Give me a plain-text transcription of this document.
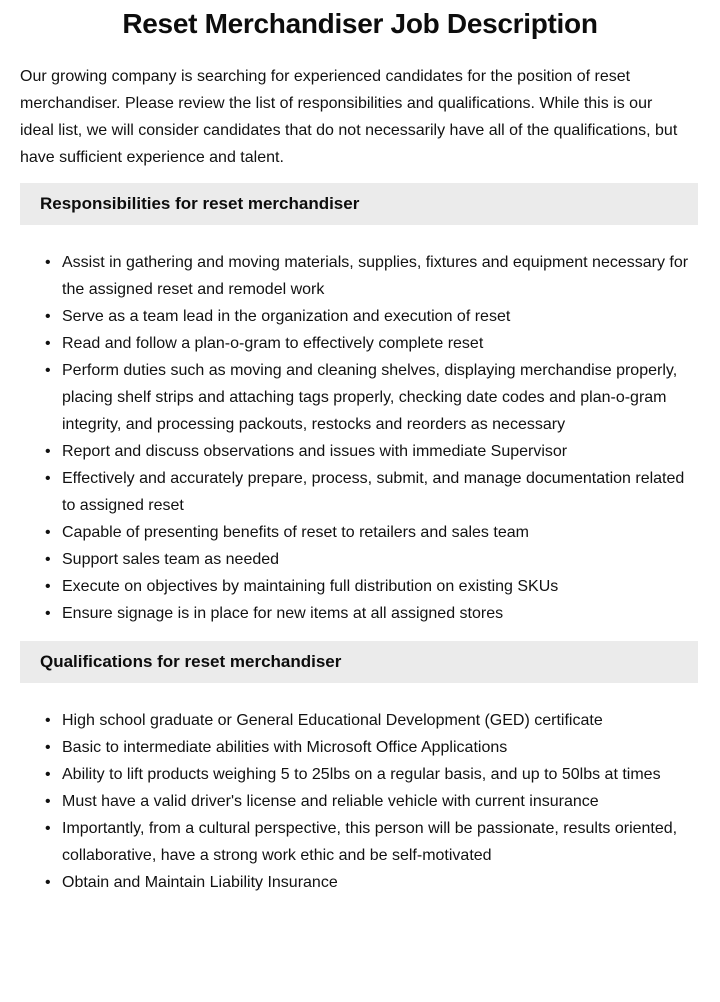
Reset Merchandiser Job Description

Our growing company is searching for experienced candidates for the position of reset merchandiser. Please review the list of responsibilities and qualifications. While this is our ideal list, we will consider candidates that do not necessarily have all of the qualifications, but have sufficient experience and talent.

Responsibilities for reset merchandiser
• Assist in gathering and moving materials, supplies, fixtures and equipment necessary for the assigned reset and remodel work
• Serve as a team lead in the organization and execution of reset
• Read and follow a plan-o-gram to effectively complete reset
• Perform duties such as moving and cleaning shelves, displaying merchandise properly, placing shelf strips and attaching tags properly, checking date codes and plan-o-gram integrity, and processing packouts, restocks and reorders as necessary
• Report and discuss observations and issues with immediate Supervisor
• Effectively and accurately prepare, process, submit, and manage documentation related to assigned reset
• Capable of presenting benefits of reset to retailers and sales team
• Support sales team as needed
• Execute on objectives by maintaining full distribution on existing SKUs
• Ensure signage is in place for new items at all assigned stores
Qualifications for reset merchandiser
• High school graduate or General Educational Development (GED) certificate
• Basic to intermediate abilities with Microsoft Office Applications
• Ability to lift products weighing 5 to 25lbs on a regular basis, and up to 50lbs at times
• Must have a valid driver's license and reliable vehicle with current insurance
• Importantly, from a cultural perspective, this person will be passionate, results oriented, collaborative, have a strong work ethic and be self-motivated
• Obtain and Maintain Liability Insurance
